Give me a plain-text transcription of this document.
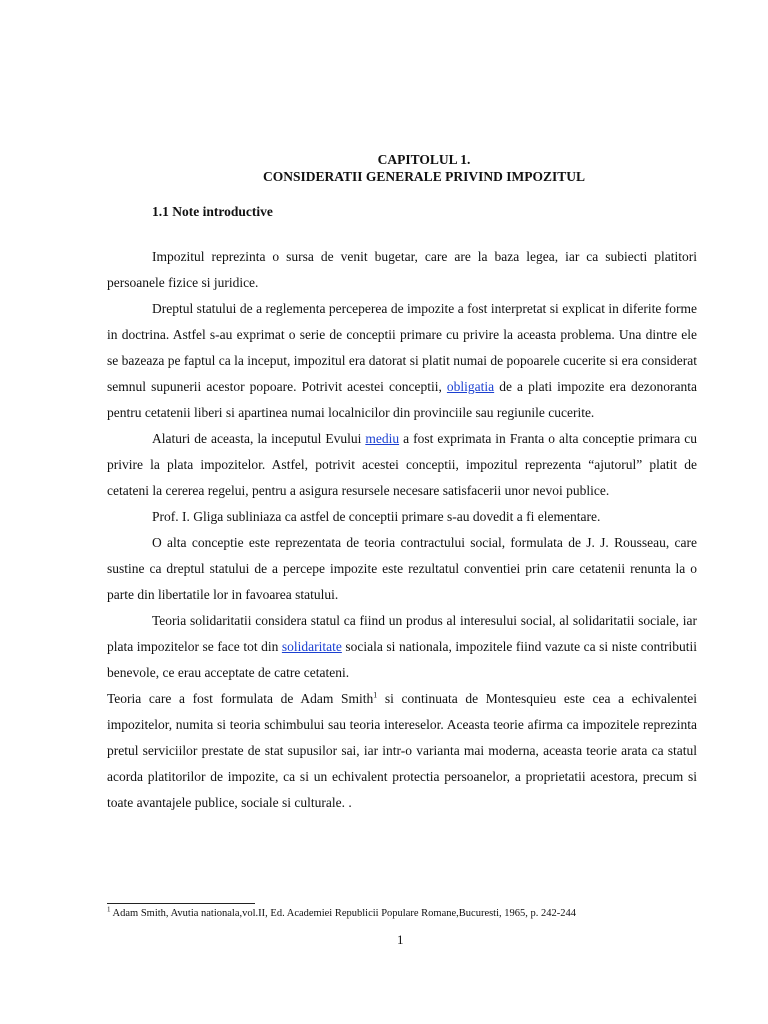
CAPITOLUL 1.
CONSIDERATII GENERALE PRIVIND IMPOZITUL
1.1 Note introductive

Impozitul reprezinta o sursa de venit bugetar, care are la baza legea, iar ca subiecti platitori persoanele fizice si juridice.

Dreptul statului de a reglementa perceperea de impozite a fost interpretat si explicat in diferite forme in doctrina. Astfel s-au exprimat o serie de conceptii primare cu privire la aceasta problema. Una dintre ele se bazeaza pe faptul ca la inceput, impozitul era datorat si platit numai de popoarele cucerite si era considerat semnul supunerii acestor popoare. Potrivit acestei conceptii, obligatia de a plati impozite era dezonoranta pentru cetatenii liberi si apartinea numai localnicilor din provinciile sau regiunile cucerite.

Alaturi de aceasta, la inceputul Evului mediu a fost exprimata in Franta o alta conceptie primara cu privire la plata impozitelor. Astfel, potrivit acestei conceptii, impozitul reprezenta “ajutorul” platit de cetateni la cererea regelui, pentru a asigura resursele necesare satisfacerii unor nevoi publice.

Prof. I. Gliga subliniaza ca astfel de conceptii primare s-au dovedit a fi elementare.

O alta conceptie este reprezentata de teoria contractului social, formulata de J. J. Rousseau, care sustine ca dreptul statului de a percepe impozite este rezultatul conventiei prin care cetatenii renunta la o parte din libertatile lor in favoarea statului.

Teoria solidaritatii considera statul ca fiind un produs al interesului social, al solidaritatii sociale, iar plata impozitelor se face tot din solidaritate sociala si nationala, impozitele fiind vazute ca si niste contributii benevole, ce erau acceptate de catre cetateni.
Teoria care a fost formulata de Adam Smith$^1$ si continuata de Montesquieu este cea a echivalentei impozitelor, numita si teoria schimbului sau teoria intereselor. Aceasta teorie afirma ca impozitele reprezinta pretul serviciilor prestate de stat supusilor sai, iar intr-o varianta mai moderna, aceasta teorie arata ca statul acorda platitorilor de impozite, ca si un echivalent protectia persoanelor, a proprietatii acestora, precum si toate avantajele publice, sociale si culturale. .

$^1$ Adam Smith, Avutia nationala,vol.II, Ed. Academiei Republicii Populare Romane,Bucuresti, 1965, p. 242-244
1
